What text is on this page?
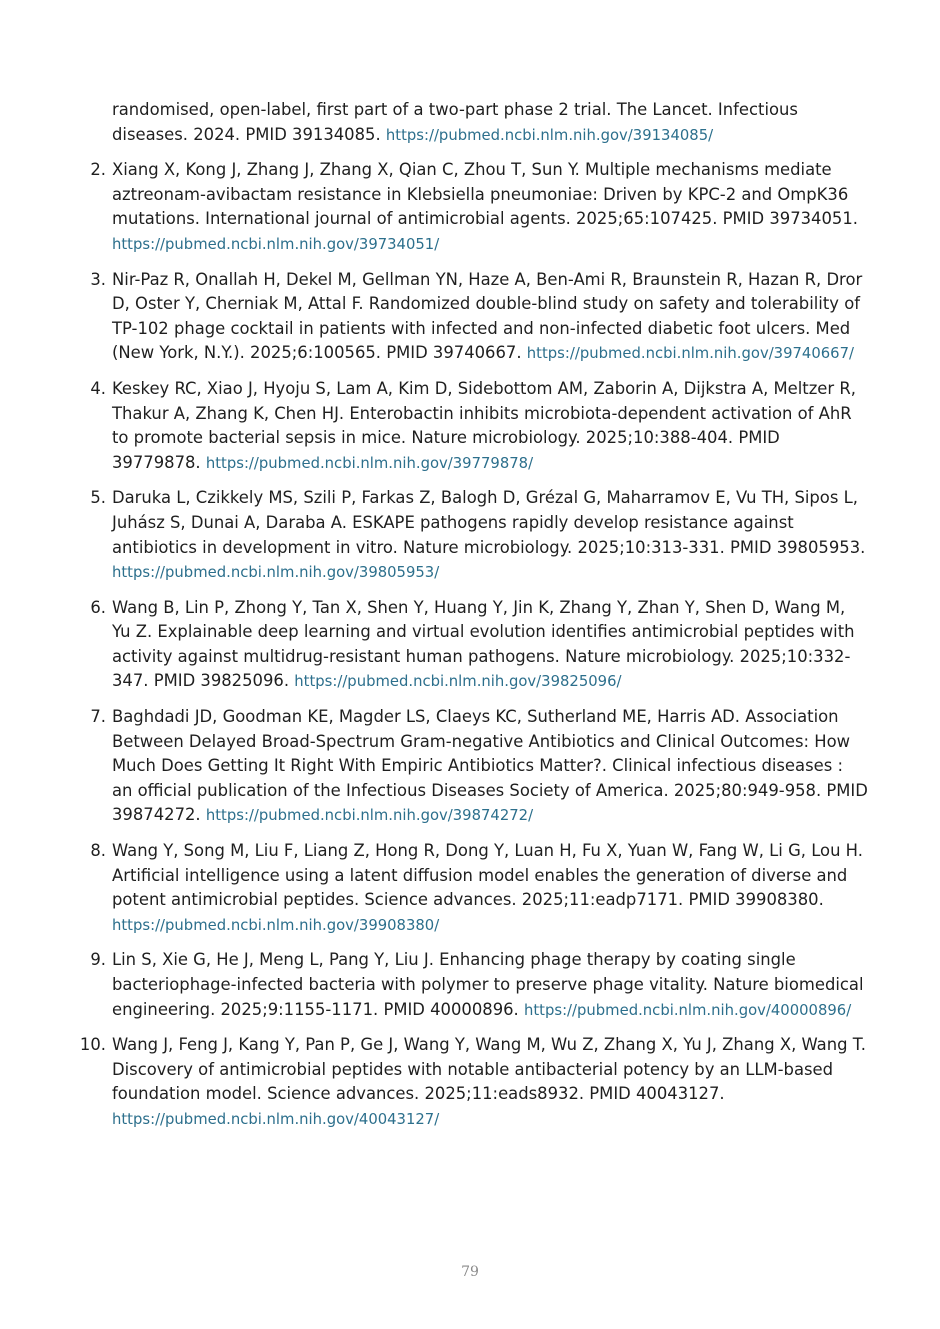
randomised, open-label, first part of a two-part phase 2 trial. The Lancet. Infectious diseases. 2024. PMID 39134085. https://pubmed.ncbi.nlm.nih.gov/39134085/
2. Xiang X, Kong J, Zhang J, Zhang X, Qian C, Zhou T, Sun Y. Multiple mechanisms mediate aztreonam-avibactam resistance in Klebsiella pneumoniae: Driven by KPC-2 and OmpK36 mutations. International journal of antimicrobial agents. 2025;65:107425. PMID 39734051. https://pubmed.ncbi.nlm.nih.gov/39734051/
3. Nir-Paz R, Onallah H, Dekel M, Gellman YN, Haze A, Ben-Ami R, Braunstein R, Hazan R, Dror D, Oster Y, Cherniak M, Attal F. Randomized double-blind study on safety and tolerability of TP-102 phage cocktail in patients with infected and non-infected diabetic foot ulcers. Med (New York, N.Y.). 2025;6:100565. PMID 39740667. https://pubmed.ncbi.nlm.nih.gov/39740667/
4. Keskey RC, Xiao J, Hyoju S, Lam A, Kim D, Sidebottom AM, Zaborin A, Dijkstra A, Meltzer R, Thakur A, Zhang K, Chen HJ. Enterobactin inhibits microbiota-dependent activation of AhR to promote bacterial sepsis in mice. Nature microbiology. 2025;10:388-404. PMID 39779878. https://pubmed.ncbi.nlm.nih.gov/39779878/
5. Daruka L, Czikkely MS, Szili P, Farkas Z, Balogh D, Grézal G, Maharramov E, Vu TH, Sipos L, Juhász S, Dunai A, Daraba A. ESKAPE pathogens rapidly develop resistance against antibiotics in development in vitro. Nature microbiology. 2025;10:313-331. PMID 39805953. https://pubmed.ncbi.nlm.nih.gov/39805953/
6. Wang B, Lin P, Zhong Y, Tan X, Shen Y, Huang Y, Jin K, Zhang Y, Zhan Y, Shen D, Wang M, Yu Z. Explainable deep learning and virtual evolution identifies antimicrobial peptides with activity against multidrug-resistant human pathogens. Nature microbiology. 2025;10:332-347. PMID 39825096. https://pubmed.ncbi.nlm.nih.gov/39825096/
7. Baghdadi JD, Goodman KE, Magder LS, Claeys KC, Sutherland ME, Harris AD. Association Between Delayed Broad-Spectrum Gram-negative Antibiotics and Clinical Outcomes: How Much Does Getting It Right With Empiric Antibiotics Matter?. Clinical infectious diseases : an official publication of the Infectious Diseases Society of America. 2025;80:949-958. PMID 39874272. https://pubmed.ncbi.nlm.nih.gov/39874272/
8. Wang Y, Song M, Liu F, Liang Z, Hong R, Dong Y, Luan H, Fu X, Yuan W, Fang W, Li G, Lou H. Artificial intelligence using a latent diffusion model enables the generation of diverse and potent antimicrobial peptides. Science advances. 2025;11:eadp7171. PMID 39908380. https://pubmed.ncbi.nlm.nih.gov/39908380/
9. Lin S, Xie G, He J, Meng L, Pang Y, Liu J. Enhancing phage therapy by coating single bacteriophage-infected bacteria with polymer to preserve phage vitality. Nature biomedical engineering. 2025;9:1155-1171. PMID 40000896. https://pubmed.ncbi.nlm.nih.gov/40000896/
10. Wang J, Feng J, Kang Y, Pan P, Ge J, Wang Y, Wang M, Wu Z, Zhang X, Yu J, Zhang X, Wang T. Discovery of antimicrobial peptides with notable antibacterial potency by an LLM-based foundation model. Science advances. 2025;11:eads8932. PMID 40043127. https://pubmed.ncbi.nlm.nih.gov/40043127/
79
